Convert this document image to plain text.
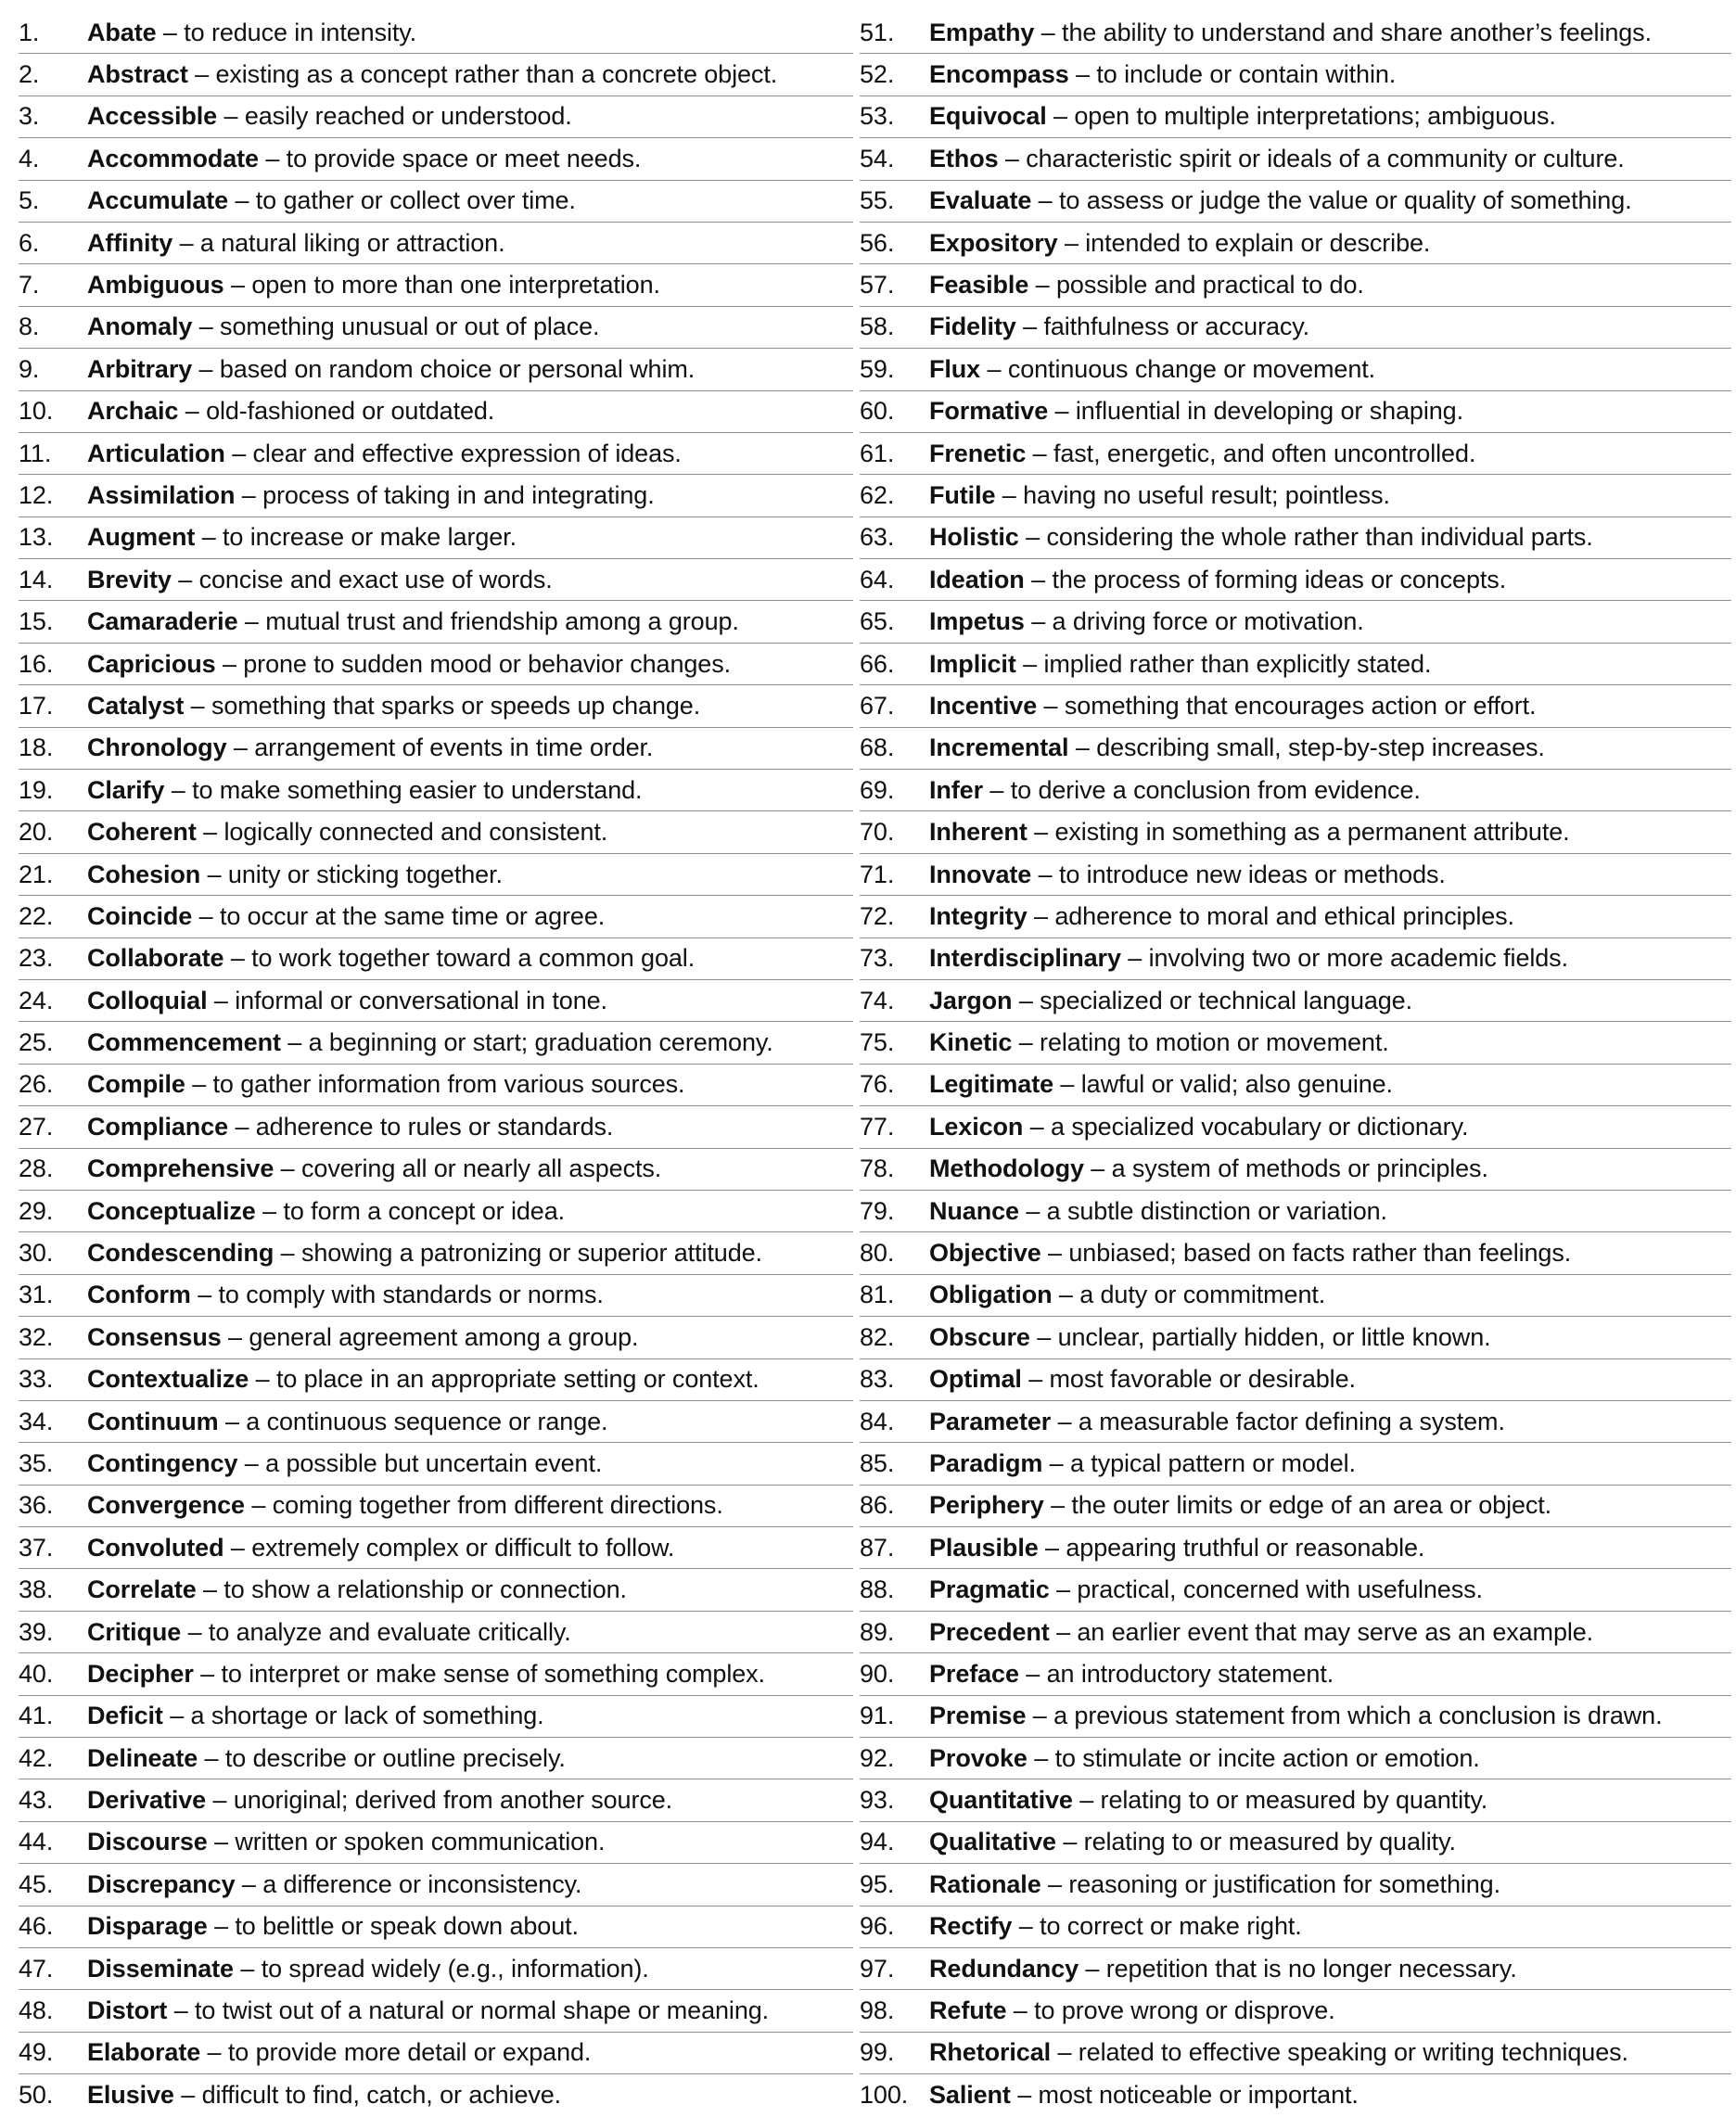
1.	Abate – to reduce in intensity.
2.	Abstract – existing as a concept rather than a concrete object.
3.	Accessible – easily reached or understood.
4.	Accommodate – to provide space or meet needs.
5.	Accumulate – to gather or collect over time.
6.	Affinity – a natural liking or attraction.
7.	Ambiguous – open to more than one interpretation.
8.	Anomaly – something unusual or out of place.
9.	Arbitrary – based on random choice or personal whim.
10.	Archaic – old-fashioned or outdated.
11.	Articulation – clear and effective expression of ideas.
12.	Assimilation – process of taking in and integrating.
13.	Augment – to increase or make larger.
14.	Brevity – concise and exact use of words.
15.	Camaraderie – mutual trust and friendship among a group.
16.	Capricious – prone to sudden mood or behavior changes.
17.	Catalyst – something that sparks or speeds up change.
18.	Chronology – arrangement of events in time order.
19.	Clarify – to make something easier to understand.
20.	Coherent – logically connected and consistent.
21.	Cohesion – unity or sticking together.
22.	Coincide – to occur at the same time or agree.
23.	Collaborate – to work together toward a common goal.
24.	Colloquial – informal or conversational in tone.
25.	Commencement – a beginning or start; graduation ceremony.
26.	Compile – to gather information from various sources.
27.	Compliance – adherence to rules or standards.
28.	Comprehensive – covering all or nearly all aspects.
29.	Conceptualize – to form a concept or idea.
30.	Condescending – showing a patronizing or superior attitude.
31.	Conform – to comply with standards or norms.
32.	Consensus – general agreement among a group.
33.	Contextualize – to place in an appropriate setting or context.
34.	Continuum – a continuous sequence or range.
35.	Contingency – a possible but uncertain event.
36.	Convergence – coming together from different directions.
37.	Convoluted – extremely complex or difficult to follow.
38.	Correlate – to show a relationship or connection.
39.	Critique – to analyze and evaluate critically.
40.	Decipher – to interpret or make sense of something complex.
41.	Deficit – a shortage or lack of something.
42.	Delineate – to describe or outline precisely.
43.	Derivative – unoriginal; derived from another source.
44.	Discourse – written or spoken communication.
45.	Discrepancy – a difference or inconsistency.
46.	Disparage – to belittle or speak down about.
47.	Disseminate – to spread widely (e.g., information).
48.	Distort – to twist out of a natural or normal shape or meaning.
49.	Elaborate – to provide more detail or expand.
50.	Elusive – difficult to find, catch, or achieve.
51.	Empathy – the ability to understand and share another’s feelings.
52.	Encompass – to include or contain within.
53.	Equivocal – open to multiple interpretations; ambiguous.
54.	Ethos – characteristic spirit or ideals of a community or culture.
55.	Evaluate – to assess or judge the value or quality of something.
56.	Expository – intended to explain or describe.
57.	Feasible – possible and practical to do.
58.	Fidelity – faithfulness or accuracy.
59.	Flux – continuous change or movement.
60.	Formative – influential in developing or shaping.
61.	Frenetic – fast, energetic, and often uncontrolled.
62.	Futile – having no useful result; pointless.
63.	Holistic – considering the whole rather than individual parts.
64.	Ideation – the process of forming ideas or concepts.
65.	Impetus – a driving force or motivation.
66.	Implicit – implied rather than explicitly stated.
67.	Incentive – something that encourages action or effort.
68.	Incremental – describing small, step-by-step increases.
69.	Infer – to derive a conclusion from evidence.
70.	Inherent – existing in something as a permanent attribute.
71.	Innovate – to introduce new ideas or methods.
72.	Integrity – adherence to moral and ethical principles.
73.	Interdisciplinary – involving two or more academic fields.
74.	Jargon – specialized or technical language.
75.	Kinetic – relating to motion or movement.
76.	Legitimate – lawful or valid; also genuine.
77.	Lexicon – a specialized vocabulary or dictionary.
78.	Methodology – a system of methods or principles.
79.	Nuance – a subtle distinction or variation.
80.	Objective – unbiased; based on facts rather than feelings.
81.	Obligation – a duty or commitment.
82.	Obscure – unclear, partially hidden, or little known.
83.	Optimal – most favorable or desirable.
84.	Parameter – a measurable factor defining a system.
85.	Paradigm – a typical pattern or model.
86.	Periphery – the outer limits or edge of an area or object.
87.	Plausible – appearing truthful or reasonable.
88.	Pragmatic – practical, concerned with usefulness.
89.	Precedent – an earlier event that may serve as an example.
90.	Preface – an introductory statement.
91.	Premise – a previous statement from which a conclusion is drawn.
92.	Provoke – to stimulate or incite action or emotion.
93.	Quantitative – relating to or measured by quantity.
94.	Qualitative – relating to or measured by quality.
95.	Rationale – reasoning or justification for something.
96.	Rectify – to correct or make right.
97.	Redundancy – repetition that is no longer necessary.
98.	Refute – to prove wrong or disprove.
99.	Rhetorical – related to effective speaking or writing techniques.
100. Salient – most noticeable or important.
